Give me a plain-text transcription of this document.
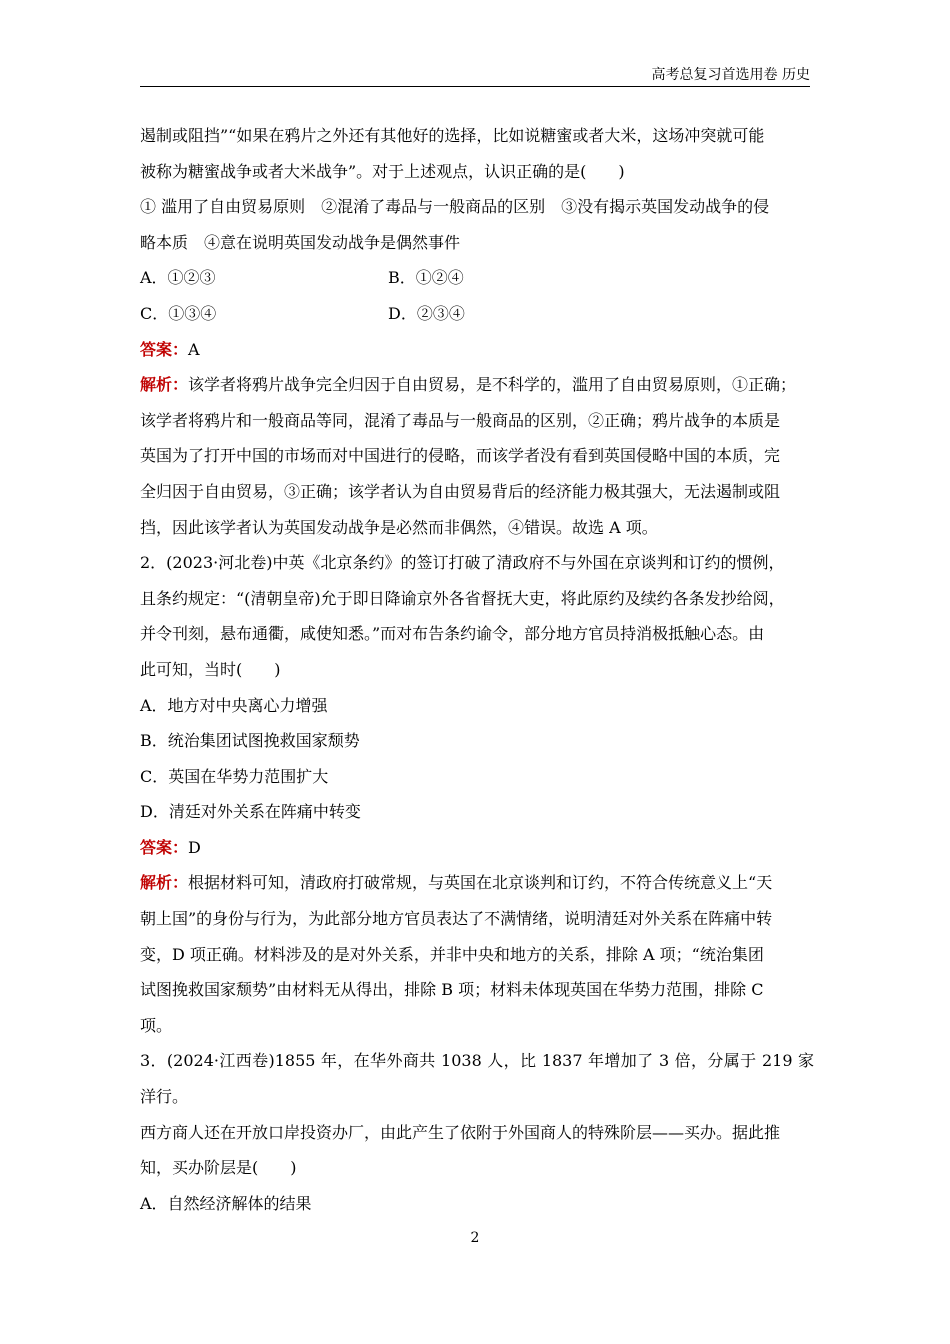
高考总复习首选用卷 历史

遏制或阻挡”“如果在鸦片之外还有其他好的选择，比如说糖蜜或者大米，这场冲突就可能

被称为糖蜜战争或者大米战争”。对于上述观点，认识正确的是(　　)

① 滥用了自由贸易原则　②混淆了毒品与一般商品的区别　③没有揭示英国发动战争的侵

略本质　④意在说明英国发动战争是偶然事件

A．①②③	B．①②④
C．①③④	D．②③④

答案：A

解析：该学者将鸦片战争完全归因于自由贸易，是不科学的，滥用了自由贸易原则，①正确；

该学者将鸦片和一般商品等同，混淆了毒品与一般商品的区别，②正确；鸦片战争的本质是

英国为了打开中国的市场而对中国进行的侵略，而该学者没有看到英国侵略中国的本质，完

全归因于自由贸易，③正确；该学者认为自由贸易背后的经济能力极其强大，无法遏制或阻

挡，因此该学者认为英国发动战争是必然而非偶然，④错误。故选 A 项。

2．(2023·河北卷)中英《北京条约》的签订打破了清政府不与外国在京谈判和订约的惯例，

且条约规定：“(清朝皇帝)允于即日降谕京外各省督抚大吏，将此原约及续约各条发抄给阅，

并令刊刻，悬布通衢，咸使知悉。”而对布告条约谕令，部分地方官员持消极抵触心态。由

此可知，当时(　　)

A．地方对中央离心力增强

B．统治集团试图挽救国家颓势

C．英国在华势力范围扩大

D．清廷对外关系在阵痛中转变

答案：D

解析：根据材料可知，清政府打破常规，与英国在北京谈判和订约，不符合传统意义上“天

朝上国”的身份与行为，为此部分地方官员表达了不满情绪，说明清廷对外关系在阵痛中转

变，D 项正确。材料涉及的是对外关系，并非中央和地方的关系，排除 A 项；“统治集团

试图挽救国家颓势”由材料无从得出，排除 B 项；材料未体现英国在华势力范围，排除 C

项。

3．(2024·江西卷)1855 年，在华外商共 1038 人，比 1837 年增加了 3 倍，分属于 219 家洋行。

西方商人还在开放口岸投资办厂，由此产生了依附于外国商人的特殊阶层——买办。据此推

知，买办阶层是(　　)

A．自然经济解体的结果

2
